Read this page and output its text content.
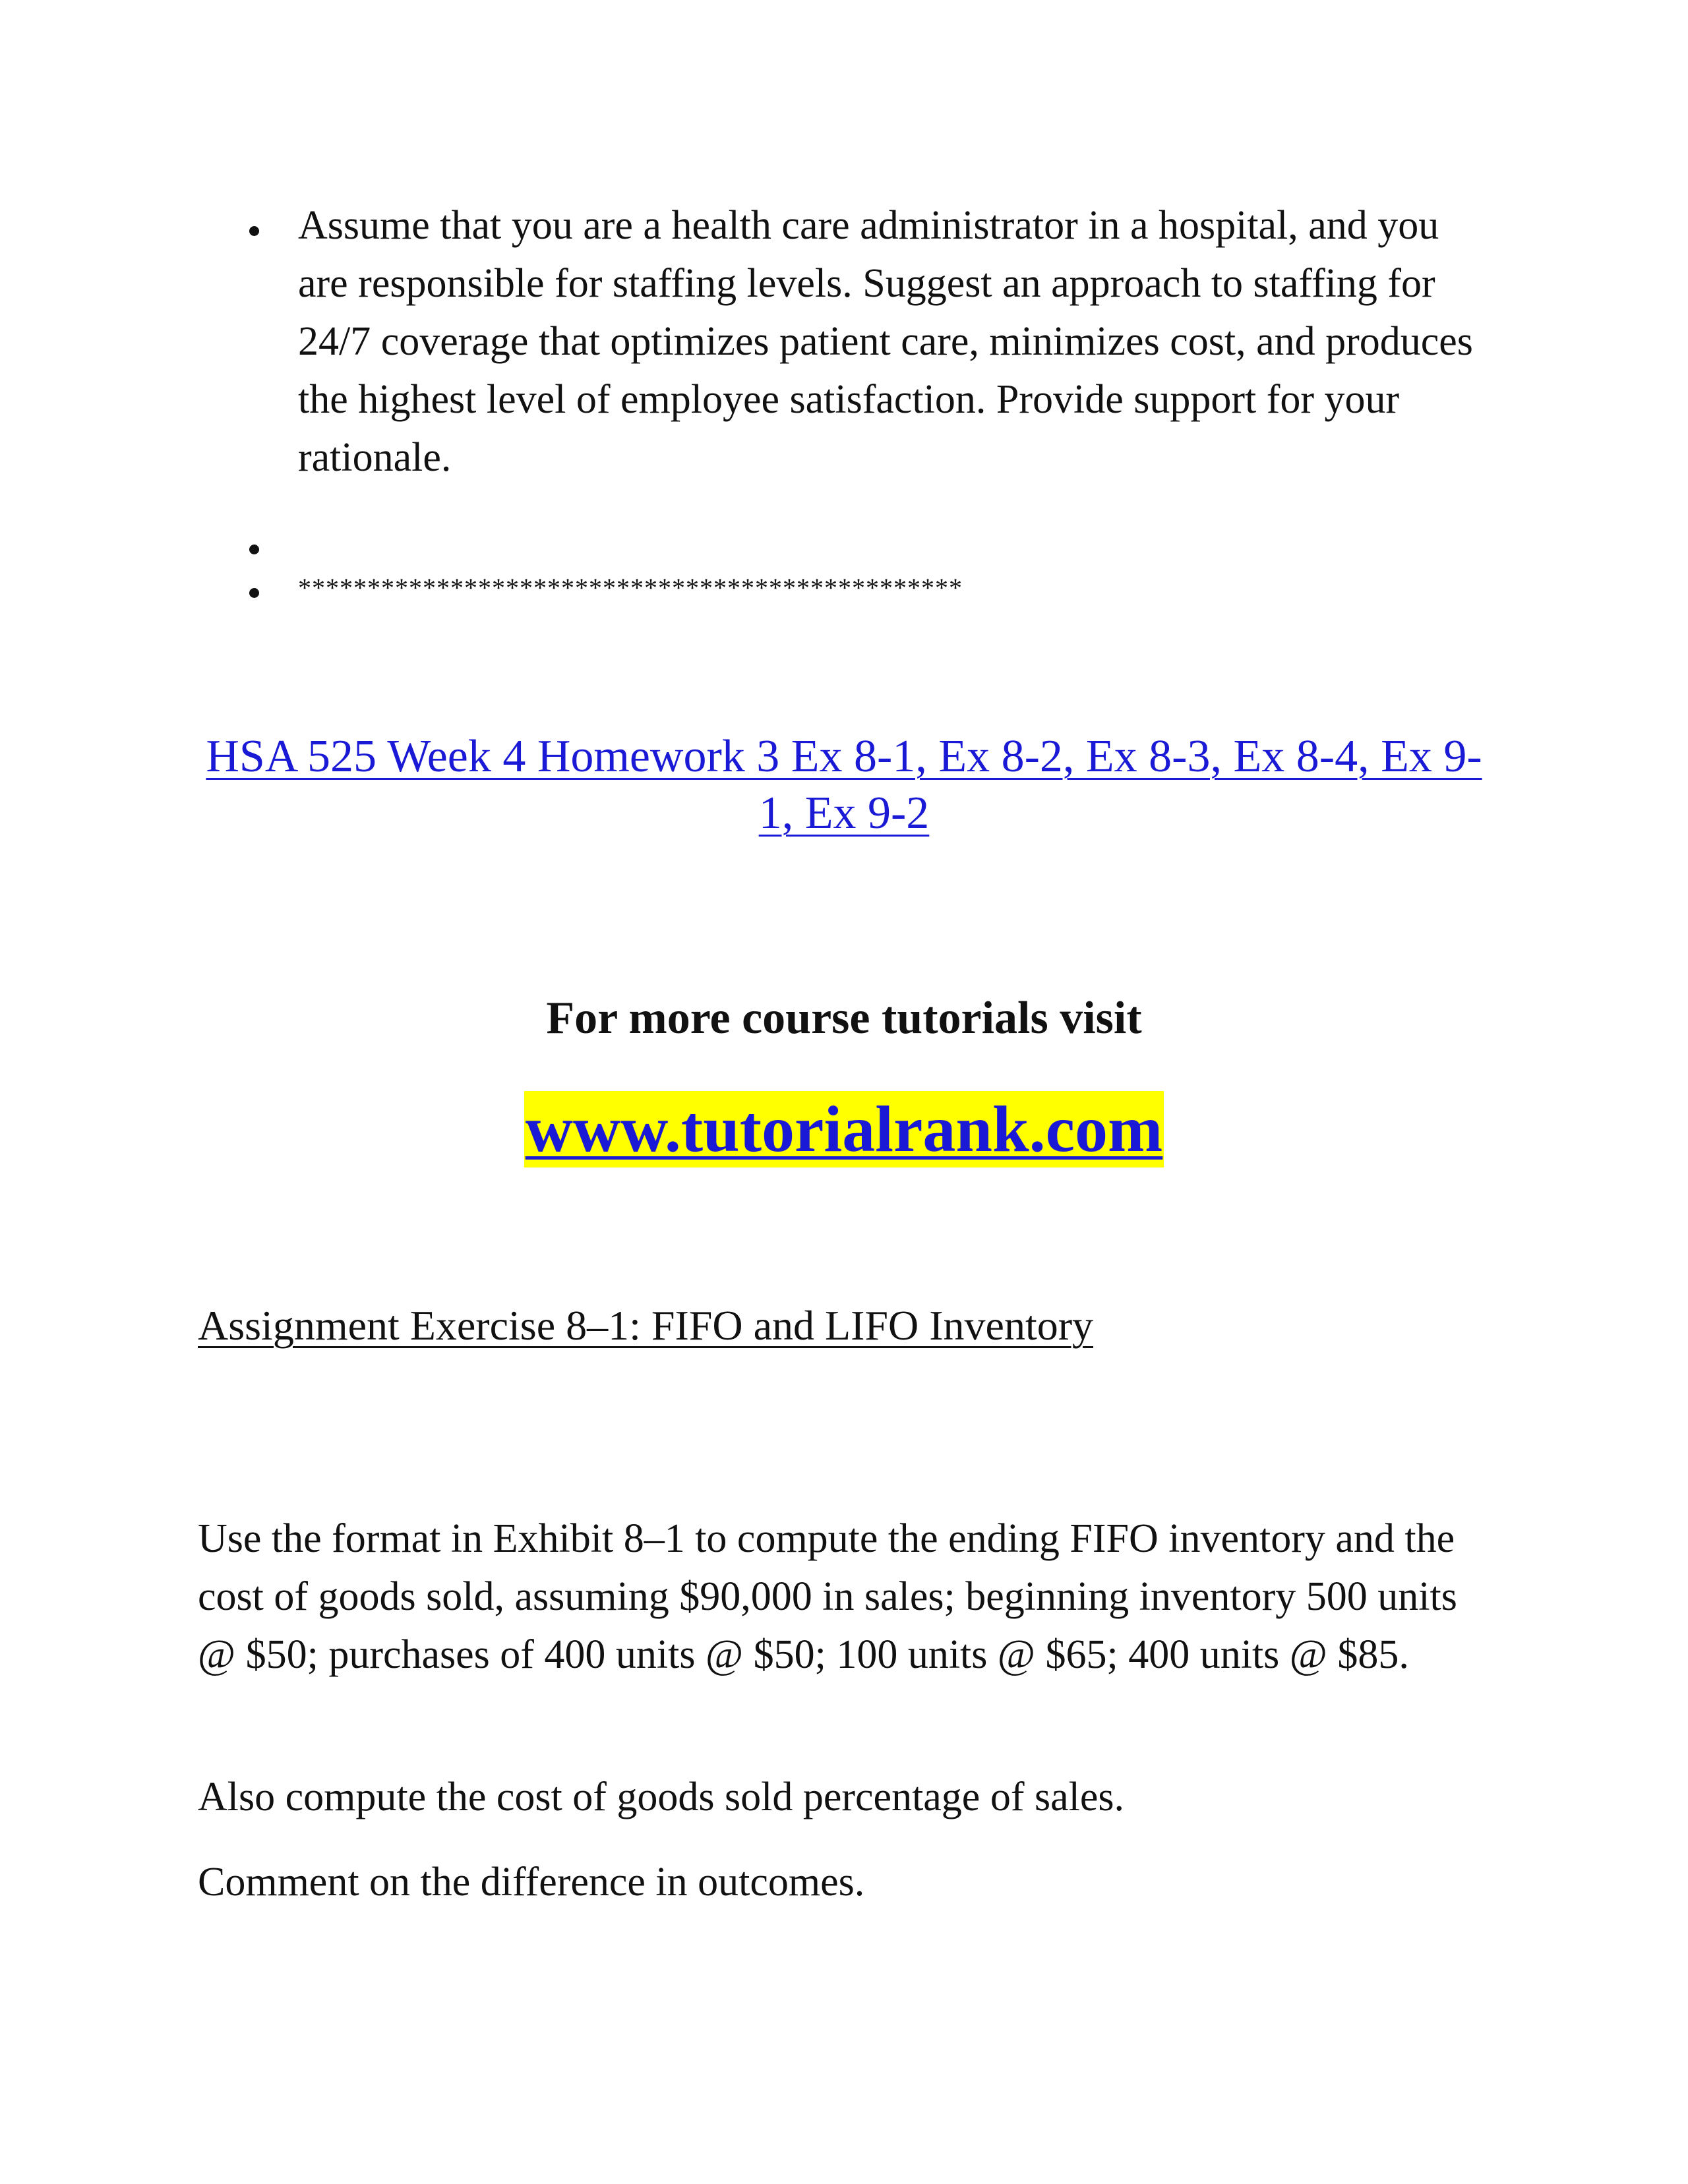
Assume that you are a health care administrator in a hospital, and you are responsible for staffing levels. Suggest an approach to staffing for 24/7 coverage that optimizes patient care, minimizes cost, and produces the highest level of employee satisfaction. Provide support for your rationale.
************************************************
HSA 525 Week 4 Homework 3 Ex 8-1, Ex 8-2, Ex 8-3, Ex 8-4, Ex 9-1, Ex 9-2
For more course tutorials visit
www.tutorialrank.com
Assignment Exercise 8–1: FIFO and LIFO Inventory

Use the format in Exhibit 8–1 to compute the ending FIFO inventory and the cost of goods sold, assuming $90,000 in sales; beginning inventory 500 units @ $50; purchases of 400 units @ $50; 100 units @ $65; 400 units @ $85.

Also compute the cost of goods sold percentage of sales.

Comment on the difference in outcomes.
